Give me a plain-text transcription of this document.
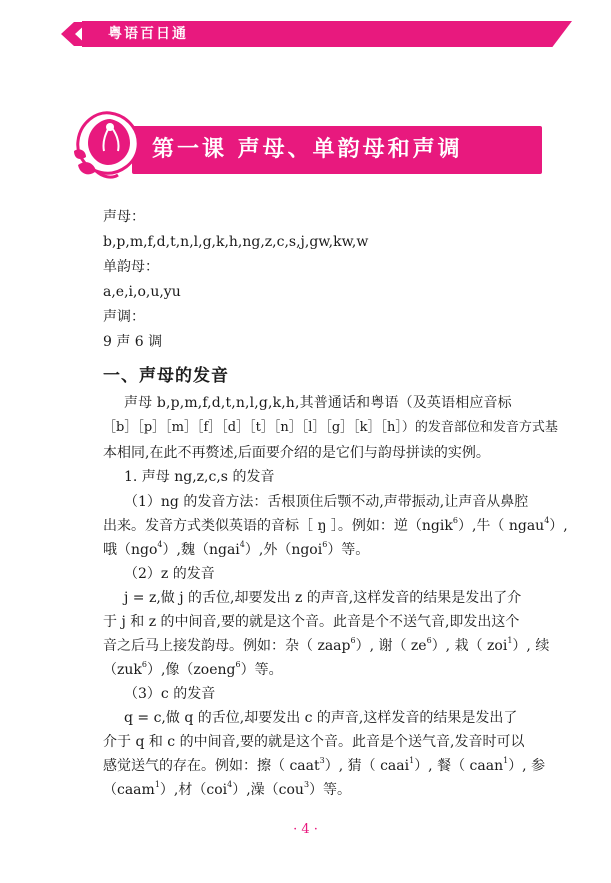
粤语百日通
第一课 声母、单韵母和声调
声母：
b,p,m,f,d,t,n,l,g,k,h,ng,z,c,s,j,gw,kw,w
单韵母：
a,e,i,o,u,yu
声调：
9 声 6 调
一、声母的发音
声母 b,p,m,f,d,t,n,l,g,k,h,其普通话和粤语（及英语相应音标
［b］［p］［m］［f］［d］［t］［n］［l］［g］［k］［h］）的发音部位和发音方式基
本相同,在此不再赘述,后面要介绍的是它们与韵母拼读的实例。
1. 声母 ng,z,c,s 的发音
（1）ng 的发音方法：舌根顶住后颚不动,声带振动,让声音从鼻腔
出来。发音方式类似英语的音标［ ŋ ］。例如：逆（ngik$^6$）,牛（ ngau$^4$）,
哦（ngo$^4$）,魏（ngai$^4$）,外（ngoi$^6$）等。
（2）z 的发音
j = z,做 j 的舌位,却要发出 z 的声音,这样发音的结果是发出了介
于 j 和 z 的中间音,要的就是这个音。此音是个不送气音,即发出这个
音之后马上接发韵母。例如：杂（ zaap$^6$）, 谢（ $ze^6$）, 栽（ zoi$^1$）, 续
（zuk$^6$）,像（zoeng$^6$）等。
（3）c 的发音
q = c,做 q 的舌位,却要发出 c 的声音,这样发音的结果是发出了
介于 q 和 c 的中间音,要的就是这个音。此音是个送气音,发音时可以
感觉送气的存在。例如：擦（ caat$^3$）, 猜（ caai$^1$）, 餐（ caan$^1$）, 参
（caam$^1$）,材（coi$^4$）,澡（cou$^3$）等。
· 4 ·
